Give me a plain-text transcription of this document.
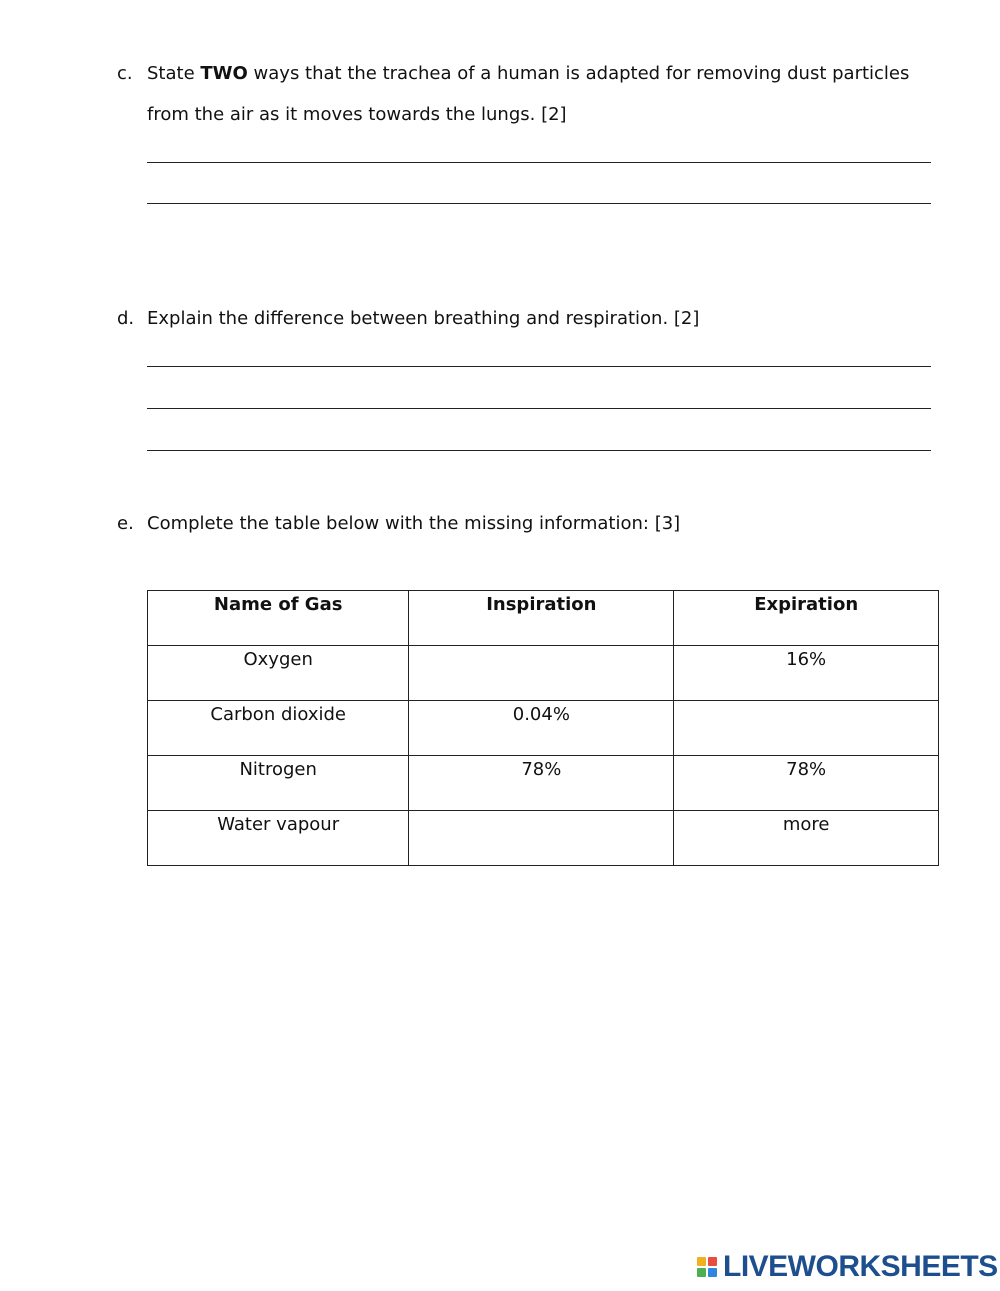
c. State TWO ways that the trachea of a human is adapted for removing dust particles
from the air as it moves towards the lungs. [2]
d. Explain the difference between breathing and respiration. [2]
e. Complete the table below with the missing information: [3]
Name of Gas	Inspiration	Expiration
Oxygen		16%
Carbon dioxide	0.04%	
Nitrogen	78%	78%
Water vapour		more
LIVEWORKSHEETS
